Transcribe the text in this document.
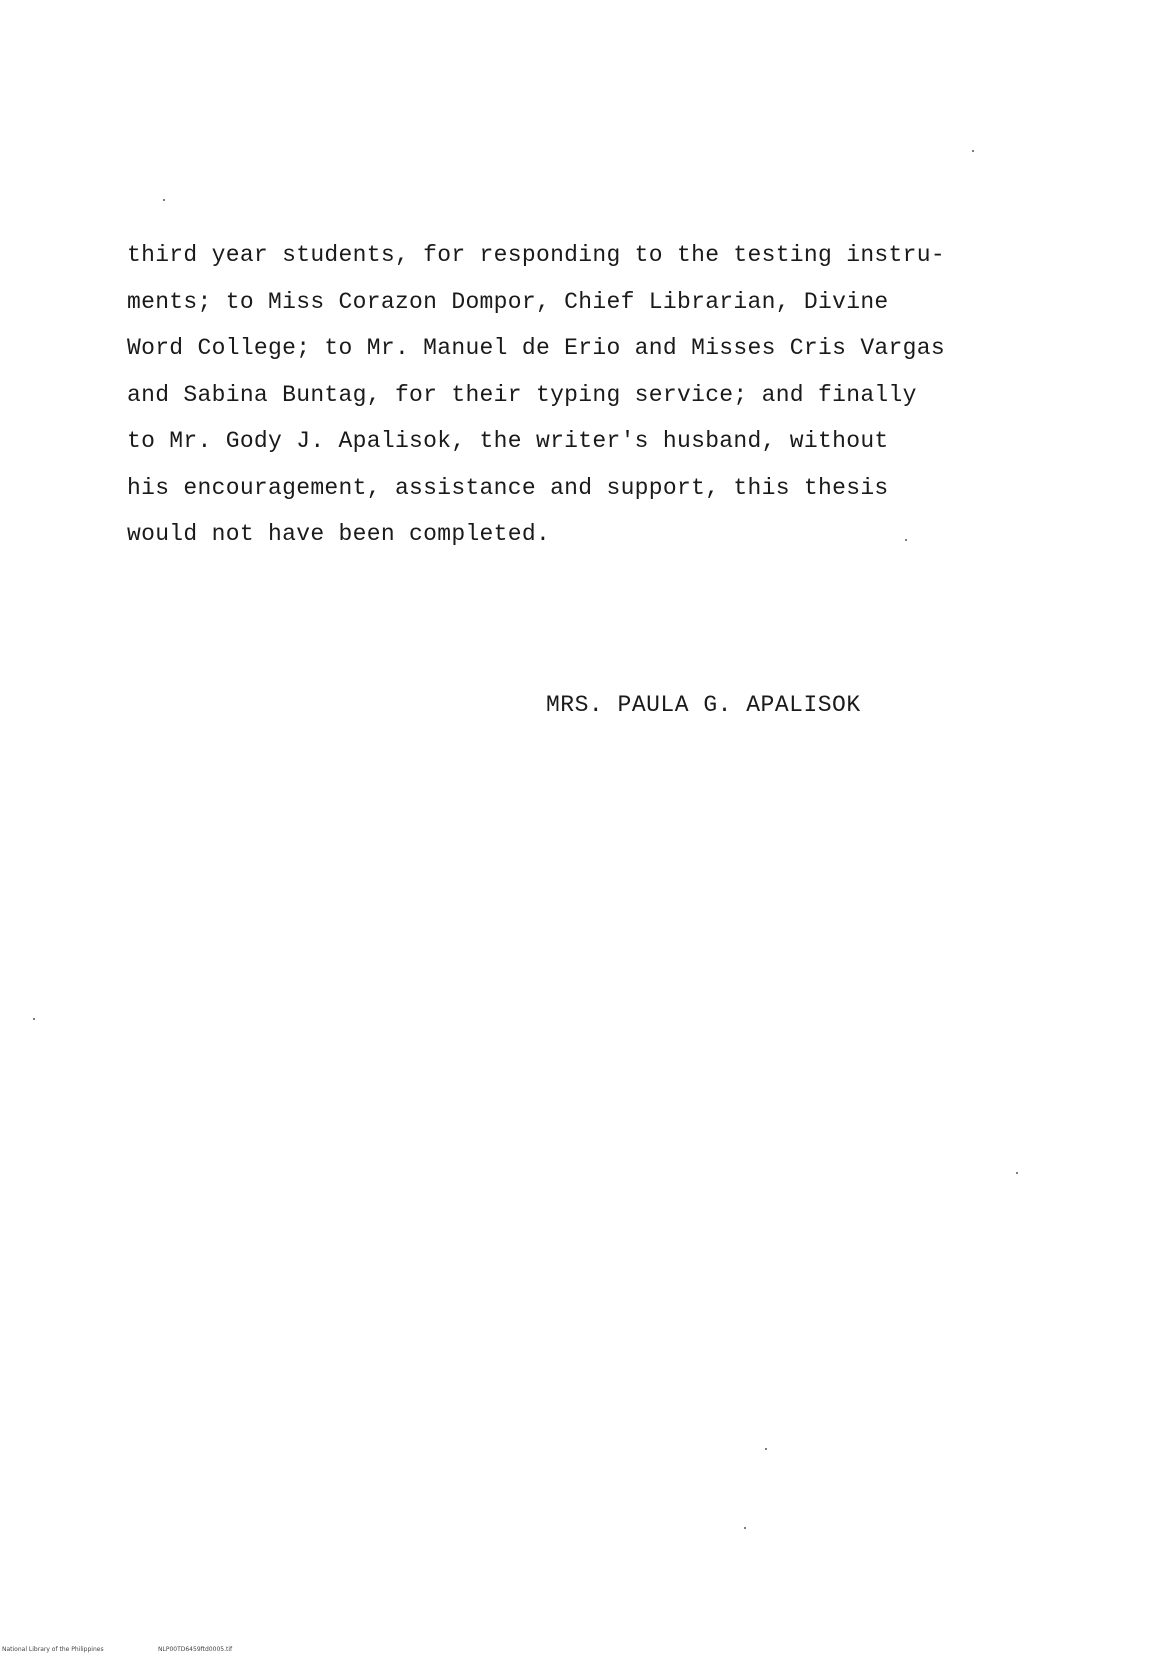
third year students, for responding to the testing instru-
ments; to Miss Corazon Dompor, Chief Librarian, Divine
Word College; to Mr. Manuel de Erio and Misses Cris Vargas
and Sabina Buntag, for their typing service; and finally
to Mr. Gody J. Apalisok, the writer's husband, without
his encouragement, assistance and support, this thesis
would not have been completed.
MRS. PAULA G. APALISOK
National Library of the Philippines	NLP00TD6459ftd0005.tif
